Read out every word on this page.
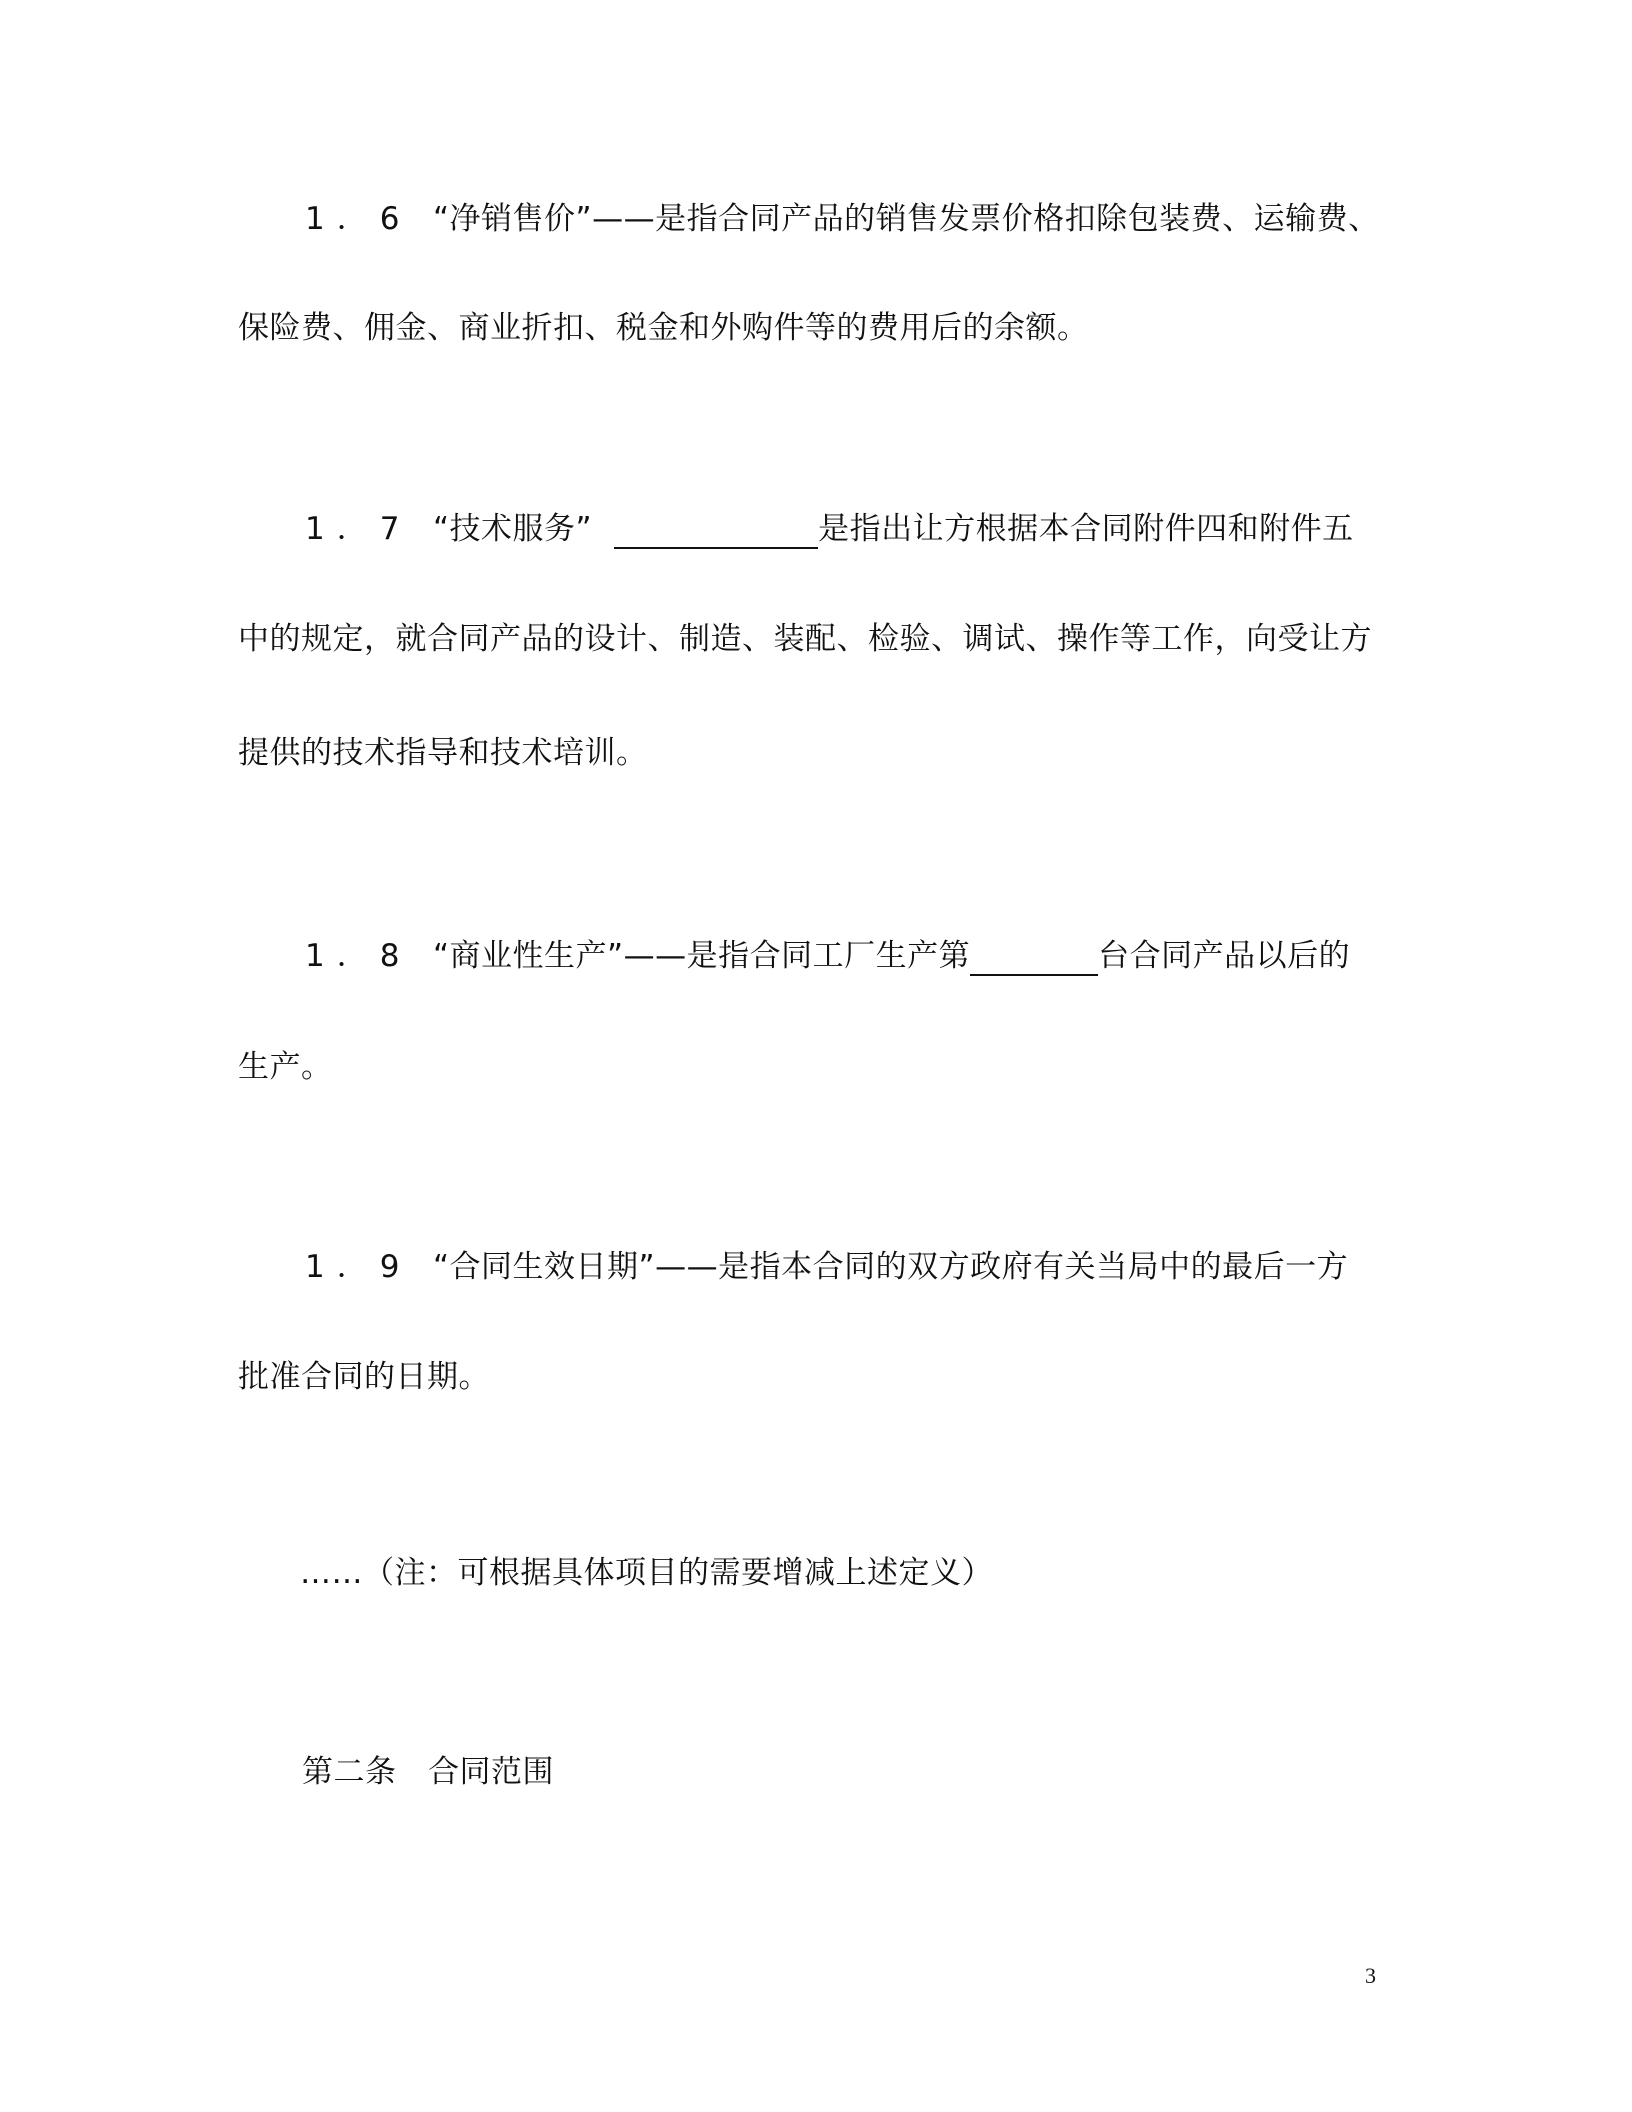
1．6 “净销售价”——是指合同产品的销售发票价格扣除包装费、运输费、
保险费、佣金、商业折扣、税金和外购件等的费用后的余额。
1．7 “技术服务”	是指出让方根据本合同附件四和附件五
中的规定，就合同产品的设计、制造、装配、检验、调试、操作等工作，向受让方
提供的技术指导和技术培训。
1．8 “商业性生产”——是指合同工厂生产第	台合同产品以后的
生产。
1．9 “合同生效日期”——是指本合同的双方政府有关当局中的最后一方
批准合同的日期。
……（注：可根据具体项目的需要增减上述定义）
第二条　合同范围
3
